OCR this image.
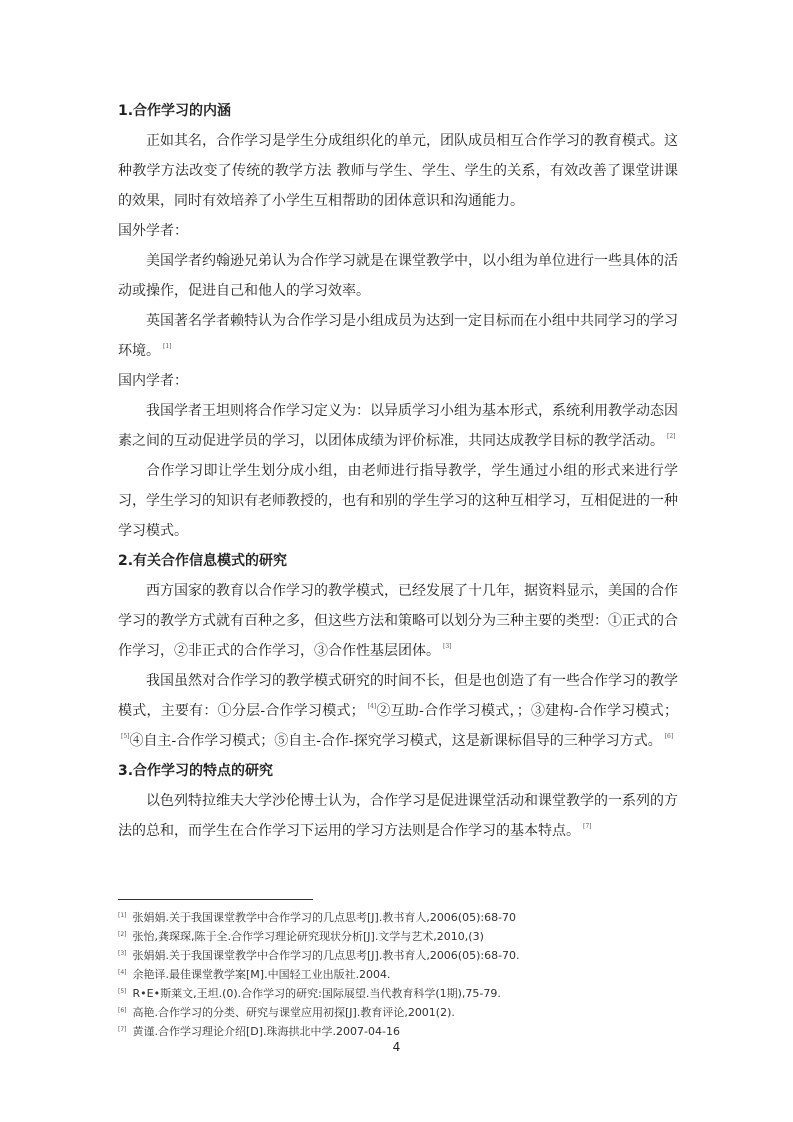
1.合作学习的内涵

正如其名，合作学习是学生分成组织化的单元，团队成员相互合作学习的教育模式。这种教学方法改变了传统的教学方法 教师与学生、学生、学生的关系，有效改善了课堂讲课的效果，同时有效培养了小学生互相帮助的团体意识和沟通能力。

国外学者：

美国学者约翰逊兄弟认为合作学习就是在课堂教学中，以小组为单位进行一些具体的活动或操作，促进自己和他人的学习效率。

英国著名学者赖特认为合作学习是小组成员为达到一定目标而在小组中共同学习的学习环境。 [1]

国内学者：

我国学者王坦则将合作学习定义为：以异质学习小组为基本形式，系统利用教学动态因素之间的互动促进学员的学习，以团体成绩为评价标准，共同达成教学目标的教学活动。 [2]

合作学习即让学生划分成小组，由老师进行指导教学，学生通过小组的形式来进行学习，学生学习的知识有老师教授的，也有和别的学生学习的这种互相学习，互相促进的一种学习模式。

2.有关合作信息模式的研究

西方国家的教育以合作学习的教学模式，已经发展了十几年，据资料显示，美国的合作学习的教学方式就有百种之多，但这些方法和策略可以划分为三种主要的类型：①正式的合作学习，②非正式的合作学习，③合作性基层团体。 [3]

我国虽然对合作学习的教学模式研究的时间不长，但是也创造了有一些合作学习的教学模式，主要有：①分层-合作学习模式； [4]②互助-合作学习模式，；③建构-合作学习模式；[5]④自主-合作学习模式；⑤自主-合作-探究学习模式，这是新课标倡导的三种学习方式。 [6]

3.合作学习的特点的研究

以色列特拉维夫大学沙伦博士认为，合作学习是促进课堂活动和课堂教学的一系列的方法的总和，而学生在合作学习下运用的学习方法则是合作学习的基本特点。 [7]

[1] 张娟娟.关于我国课堂教学中合作学习的几点思考[J].教书育人,2006(05):68-70

[2] 张怡,龚琛琛,陈于全.合作学习理论研究现状分析[J].文学与艺术,2010,(3)

[3] 张娟娟.关于我国课堂教学中合作学习的几点思考[J].教书育人,2006(05):68-70.

[4] 余艳译.最佳课堂教学案[M].中国轻工业出版社.2004.

[5] R•E•斯莱文,王坦.(0).合作学习的研究:国际展望.当代教育科学(1期),75-79.

[6] 高艳.合作学习的分类、研究与课堂应用初探[J].教育评论,2001(2).

[7] 黄谨.合作学习理论介绍[D].珠海拱北中学.2007-04-16

4
